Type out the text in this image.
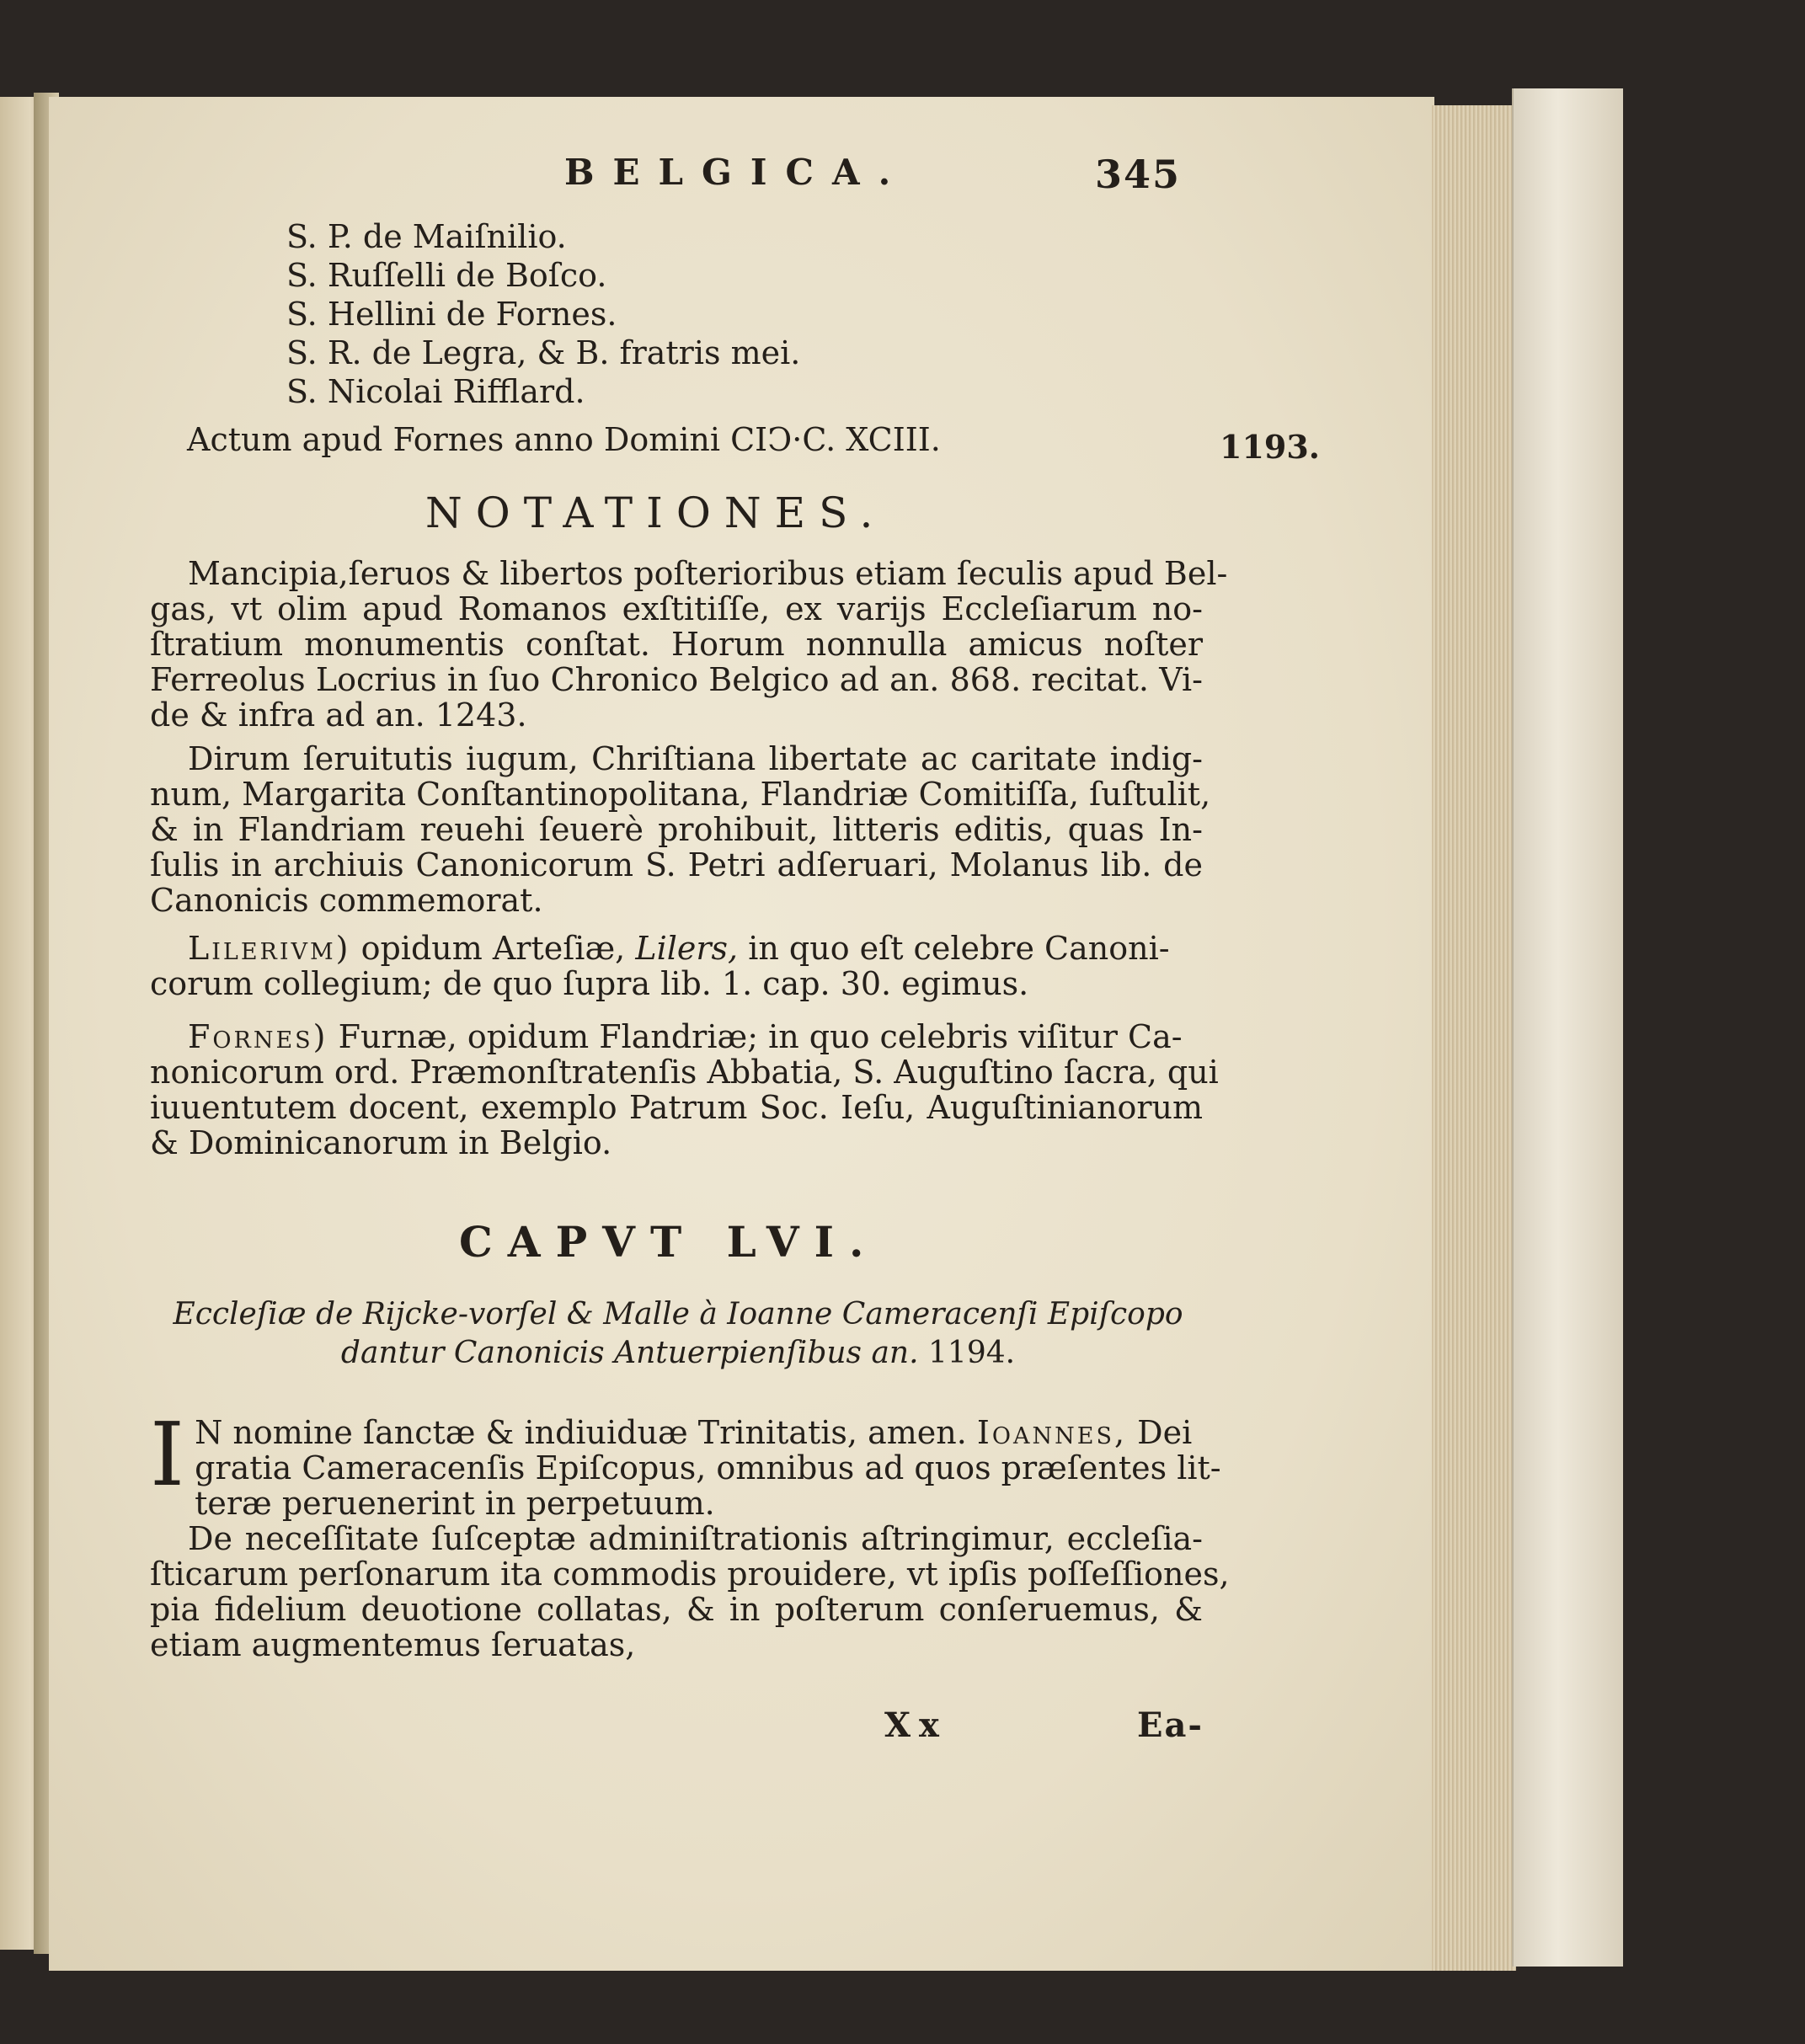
BELGICA.	345
1193.
S. P. de Maiſnilio.
S. Ruſſelli de Boſco.
S. Hellini de Fornes.
S. R. de Legra, & B. fratris mei.
S. Nicolai Rifflard.
Actum apud Fornes anno Domini CIↃ·C. XCIII.
NOTATIONES.
Mancipia,ſeruos & libertos poſterioribus etiam ſeculis apud Bel-
gas, vt olim apud Romanos exſtitiſſe, ex varijs Eccleſiarum no-
ſtratium monumentis conſtat. Horum nonnulla amicus noſter
Ferreolus Locrius in ſuo Chronico Belgico ad an. 868. recitat. Vi-
de & infra ad an. 1243.
Dirum ſeruitutis iugum, Chriſtiana libertate ac caritate indig-
num, Margarita Conſtantinopolitana, Flandriæ Comitiſſa, ſuſtulit,
& in Flandriam reuehi ſeuerè prohibuit, litteris editis, quas In-
ſulis in archiuis Canonicorum S. Petri adſeruari, Molanus lib. de
Canonicis commemorat.
Lilerivm) opidum Arteſiæ, Lilers, in quo eſt celebre Canoni-
corum collegium; de quo ſupra lib. 1. cap. 30. egimus.
Fornes) Furnæ, opidum Flandriæ; in quo celebris viſitur Ca-
nonicorum ord. Præmonſtratenſis Abbatia, S. Auguſtino ſacra, qui
iuuentutem docent, exemplo Patrum Soc. Ieſu, Auguſtinianorum
& Dominicanorum in Belgio.
CAPVT LVI.
Eccleſiæ de Rijcke-vorſel & Malle à Ioanne Cameracenſi Epiſcopo
dantur Canonicis Antuerpienſibus an. 1194.
I N nomine ſanctæ & indiuiduæ Trinitatis, amen. Ioannes, Dei
gratia Cameracenſis Epiſcopus, omnibus ad quos præſentes lit-
teræ peruenerint in perpetuum.
De neceſſitate ſuſceptæ adminiſtrationis aſtringimur, eccleſia-
ſticarum perſonarum ita commodis prouidere, vt ipſis poſſeſſiones,
pia fidelium deuotione collatas, & in poſterum conſeruemus, &
etiam augmentemus ſeruatas,
Xx	Ea-
